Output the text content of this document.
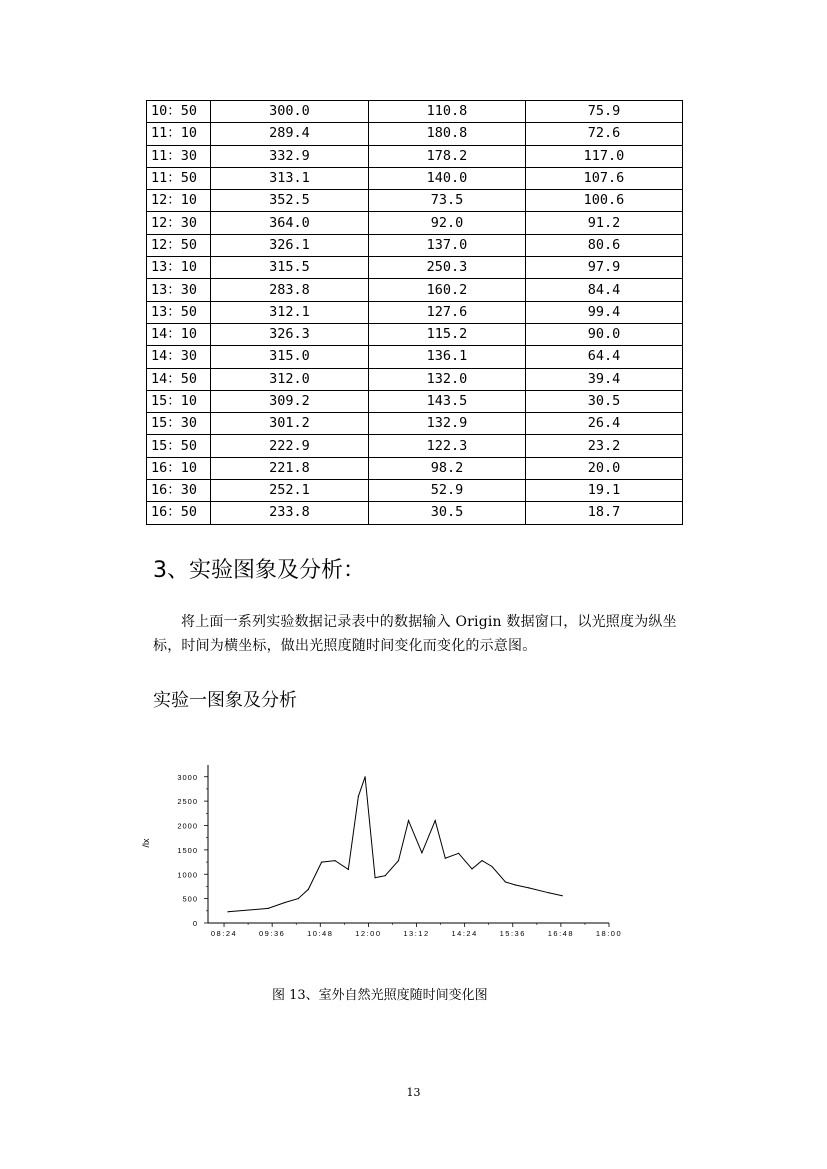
10：50	300.0	110.8	75.9
11：10	289.4	180.8	72.6
11：30	332.9	178.2	117.0
11：50	313.1	140.0	107.6
12：10	352.5	73.5	100.6
12：30	364.0	92.0	91.2
12：50	326.1	137.0	80.6
13：10	315.5	250.3	97.9
13：30	283.8	160.2	84.4
13：50	312.1	127.6	99.4
14：10	326.3	115.2	90.0
14：30	315.0	136.1	64.4
14：50	312.0	132.0	39.4
15：10	309.2	143.5	30.5
15：30	301.2	132.9	26.4
15：50	222.9	122.3	23.2
16：10	221.8	98.2	20.0
16：30	252.1	52.9	19.1
16：50	233.8	30.5	18.7
3、实验图象及分析：

将上面一系列实验数据记录表中的数据输入 Origin 数据窗口，以光照度为纵坐标，时间为横坐标，做出光照度随时间变化而变化的示意图。

实验一图象及分析
0
500
1000
1500
2000
2500
3000
08:24	09:36	10:48	12:00	13:12	14:24	15:36	16:48	18:00
/lx

图 13、室外自然光照度随时间变化图

13
